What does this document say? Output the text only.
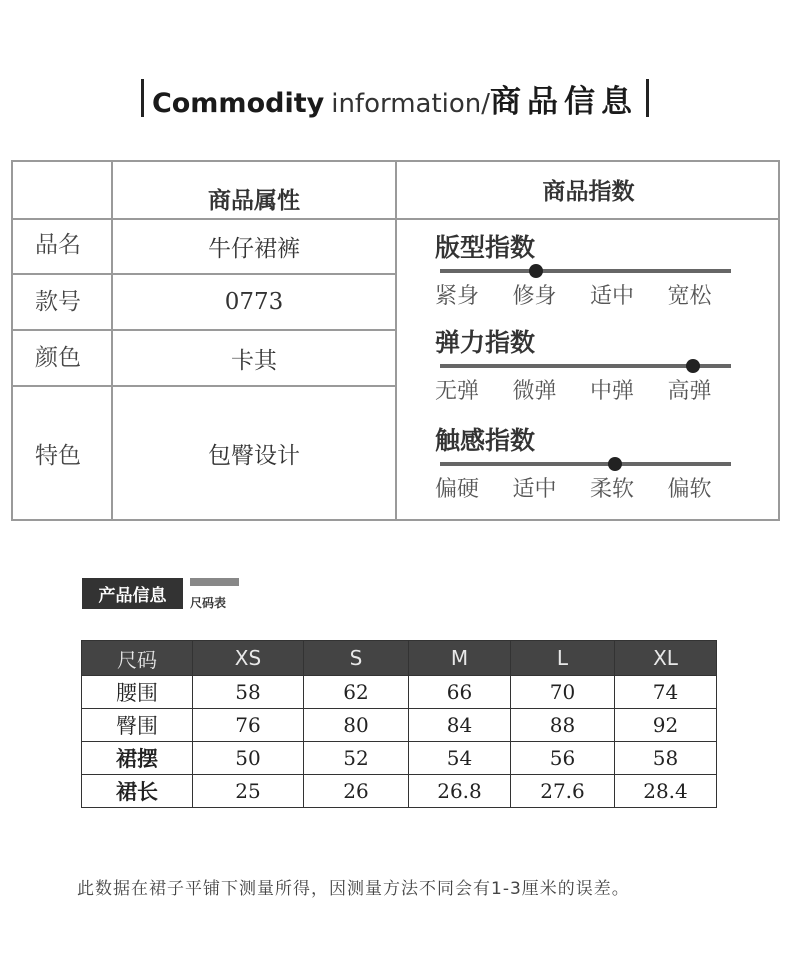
Commodity information/ 商品信息
商品属性	商品指数
品名	牛仔裙裤
款号	0773
颜色	卡其
特色	包臀设计
版型指数
紧身	修身	适中	宽松
弹力指数
无弹	微弹	中弹	高弹
触感指数
偏硬	适中	柔软	偏软
产品信息	尺码表
尺码	XS	S	M	L	XL
腰围	58	62	66	70	74
臀围	76	80	84	88	92
裙摆	50	52	54	56	58
裙长	25	26	26.8	27.6	28.4
此数据在裙子平铺下测量所得，因测量方法不同会有1-3厘米的误差。
